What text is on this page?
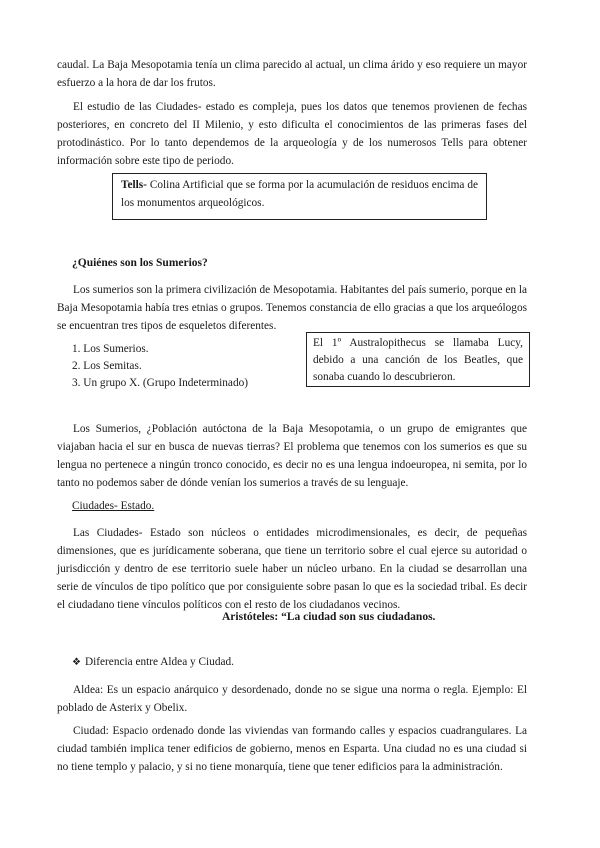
caudal. La Baja Mesopotamia tenía un clima parecido al actual, un clima árido y eso requiere un mayor esfuerzo a la hora de dar los frutos.

El estudio de las Ciudades- estado es compleja, pues los datos que tenemos provienen de fechas posteriores, en concreto del II Milenio, y esto dificulta el conocimientos de las primeras fases del protodinástico. Por lo tanto dependemos de la arqueología y de los numerosos Tells para obtener información sobre este tipo de periodo.

Tells- Colina Artificial que se forma por la acumulación de residuos encima de los monumentos arqueológicos.
¿Quiénes son los Sumerios?

Los sumerios son la primera civilización de Mesopotamia. Habitantes del país sumerio, porque en la Baja Mesopotamia había tres etnias o grupos. Tenemos constancia de ello gracias a que los arqueólogos se encuentran tres tipos de esqueletos diferentes.

1. Los Sumerios.
2. Los Semitas.
3. Un grupo X. (Grupo Indeterminado)
El 1º Australopithecus se llamaba Lucy, debido a una canción de los Beatles, que sonaba cuando lo descubrieron.

Los Sumerios, ¿Población autóctona de la Baja Mesopotamia, o un grupo de emigrantes que viajaban hacia el sur en busca de nuevas tierras? El problema que tenemos con los sumerios es que su lengua no pertenece a ningún tronco conocido, es decir no es una lengua indoeuropea, ni semita, por lo tanto no podemos saber de dónde venían los sumerios a través de su lenguaje.

Ciudades- Estado.

Las Ciudades- Estado son núcleos o entidades microdimensionales, es decir, de pequeñas dimensiones, que es jurídicamente soberana, que tiene un territorio sobre el cual ejerce su autoridad o jurisdicción y dentro de ese territorio suele haber un núcleo urbano. En la ciudad se desarrollan una serie de vínculos de tipo político que por consiguiente sobre pasan lo que es la sociedad tribal. Es decir el ciudadano tiene vínculos políticos con el resto de los ciudadanos vecinos.

Aristóteles: “La ciudad son sus ciudadanos.
❖ Diferencia entre Aldea y Ciudad.

Aldea: Es un espacio anárquico y desordenado, donde no se sigue una norma o regla. Ejemplo: El poblado de Asterix y Obelix.

Ciudad: Espacio ordenado donde las viviendas van formando calles y espacios cuadrangulares. La ciudad también implica tener edificios de gobierno, menos en Esparta. Una ciudad no es una ciudad si no tiene templo y palacio, y si no tiene monarquía, tiene que tener edificios para la administración.
